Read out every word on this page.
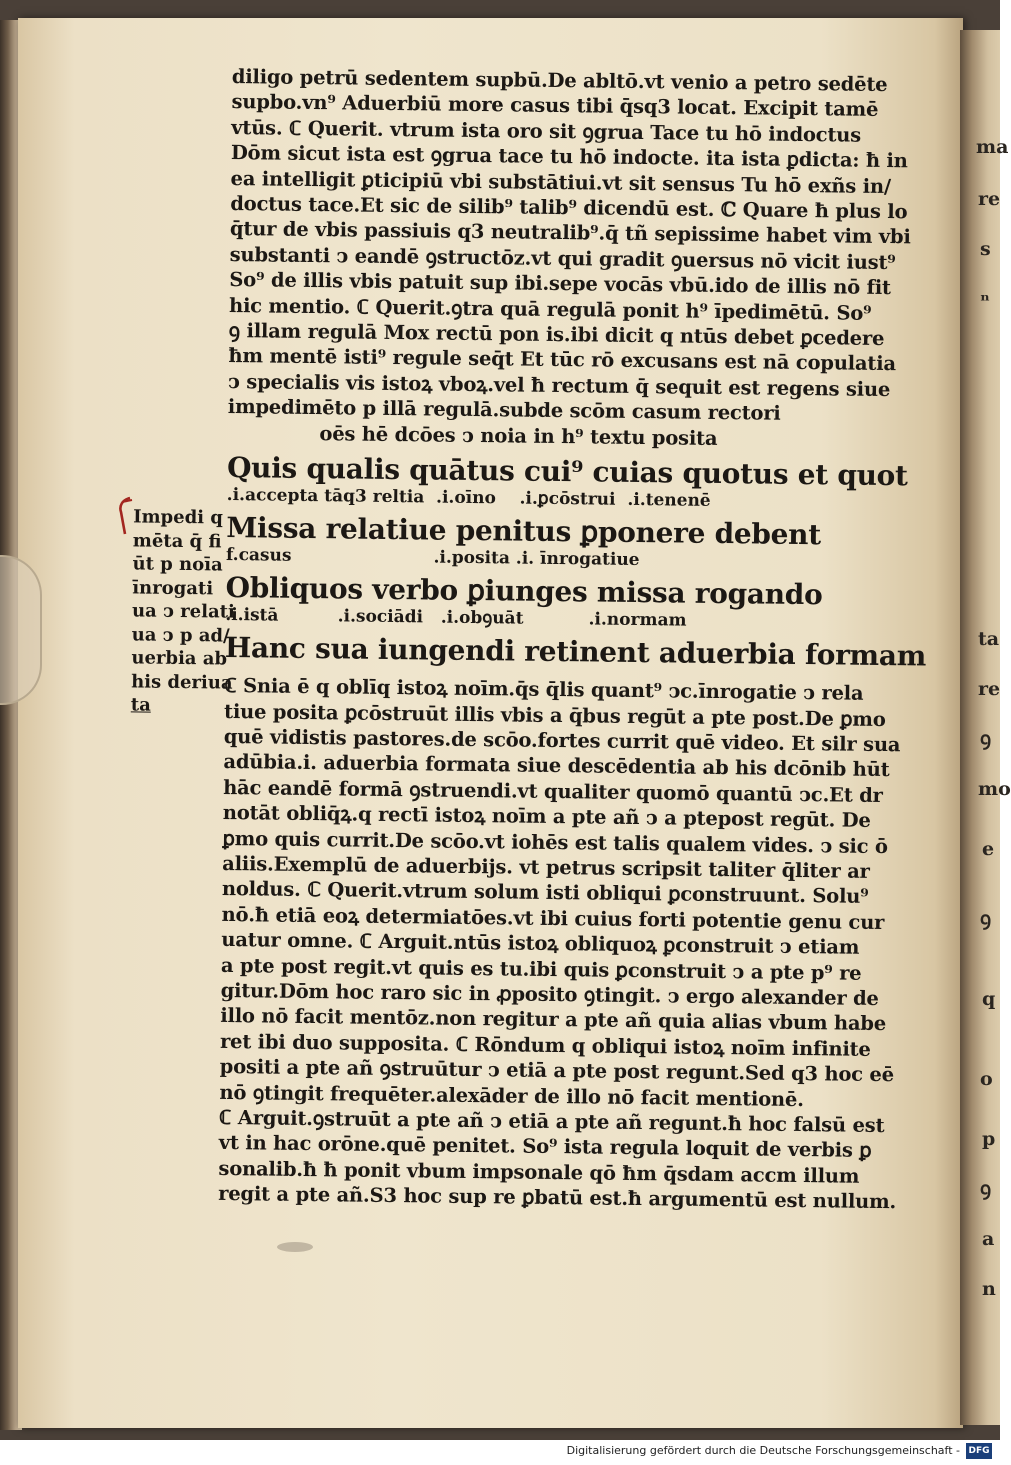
ma
re
s
ⁿ
ta
re
ꝯ
mo
e
ꝯ
q
o
p
ꝯ
a
n
Impedi q
mēta q̄ fi
ūt p noīa
īnrogati
ua ↄ relati
ua ↄ p ad/
uerbia ab
his deriua
ta
diligo petrū sedentem supbū.De abltō.vt venio a petro sedēte
supbo.vn⁹ Aduerbiū more casus tibi q̄sq3 locat. Excipit tamē
vtūs. ℂ Querit. vtrum ista oro sit ꝯgrua Tace tu hō indoctus
Dōm sicut ista est ꝯgrua tace tu hō indocte. ita ista ꝑdicta: ħ in
ea intelligit ꝑticipiū vbi substātiui.vt sit sensus Tu hō exñs in/
doctus tace.Et sic de silib⁹ talib⁹ dicendū est. ℂ Quare ħ plus lo
q̄tur de vbis passiuis q3 neutralib⁹.q̄ tñ sepissime habet vim vbi
substanti ↄ eandē ꝯstructōz.vt qui gradit ꝯuersus nō vicit iust⁹
So⁹ de illis vbis patuit sup ibi.sepe vocās vbū.ido de illis nō fit
hic mentio. ℂ Querit.ꝯtra quā regulā ponit h⁹ īpedimētū. So⁹
ꝯ illam regulā Mox rectū pon is.ibi dicit q ntūs debet ꝑcedere
ħm mentē isti⁹ regule seq̄t Et tūc rō excusans est nā copulatia
ↄ specialis vis istoꝝ vboꝝ.vel ħ rectum q̄ sequit est regens siue
impedimēto p illā regulā.subde scōm casum rectori
oēs hē dcōes ↄ noia in h⁹ textu posita
Quis qualis quātus cui⁹ cuias quotus et quot
.i.accepta tāq3 reltia  .i.oīno    .i.ꝑcōstrui  .i.tenenē
Missa relatiue penitus ꝑponere debent
f.casus                        .i.posita .i. īnrogatiue
Obliquos verbo ꝑiunges missa rogando
.i.istā          .i.sociādi   .i.obꝯuāt           .i.normam
Hanc sua iungendi retinent aduerbia formam
ℂ Snia ē q oblīq istoꝝ noīm.q̄s q̄lis quant⁹ ↄc.īnrogatie ↄ rela
tiue posita ꝑcōstruūt illis vbis a q̄bus regūt a pte post.De ꝑmo
quē vidistis pastores.de scōo.fortes currit quē video. Et silr sua
adūbia.i. aduerbia formata siue descēdentia ab his dcōnib hūt
hāc eandē formā ꝯstruendi.vt qualiter quomō quantū ↄc.Et dr
notāt obliq̄ꝝ.q rectī istoꝝ noīm a pte añ ↄ a ptepost regūt. De
ꝑmo quis currit.De scōo.vt iohēs est talis qualem vides. ↄ sic ō
aliis.Exemplū de aduerbijs. vt petrus scripsit taliter q̄liter ar
noldus. ℂ Querit.vtrum solum isti obliqui ꝑconstruunt. Solu⁹
nō.ħ etiā eoꝝ determiatōes.vt ibi cuius forti potentie genu cur
uatur omne. ℂ Arguit.ntūs istoꝝ obliquoꝝ ꝑconstruit ↄ etiam
a pte post regit.vt quis es tu.ibi quis ꝑconstruit ↄ a pte p⁹ re
gitur.Dōm hoc raro sic in ꝓposito ꝯtingit. ↄ ergo alexander de
illo nō facit mentōz.non regitur a pte añ quia alias vbum habe
ret ibi duo supposita. ℂ Rōndum q obliqui istoꝝ noīm infinite
positi a pte añ ꝯstruūtur ↄ etiā a pte post regunt.Sed q3 hoc eē
nō ꝯtingit frequēter.alexāder de illo nō facit mentionē.
ℂ Arguit.ꝯstruūt a pte añ ↄ etiā a pte añ regunt.ħ hoc falsū est
vt in hac orōne.quē penitet. So⁹ ista regula loquit de verbis ꝑ
sonalib.ħ ħ ponit vbum impsonale qō ħm q̄sdam accm illum
regit a pte añ.S3 hoc sup re ꝑbatū est.ħ argumentū est nullum.
Digitalisierung gefördert durch die Deutsche Forschungsgemeinschaft - DFG
